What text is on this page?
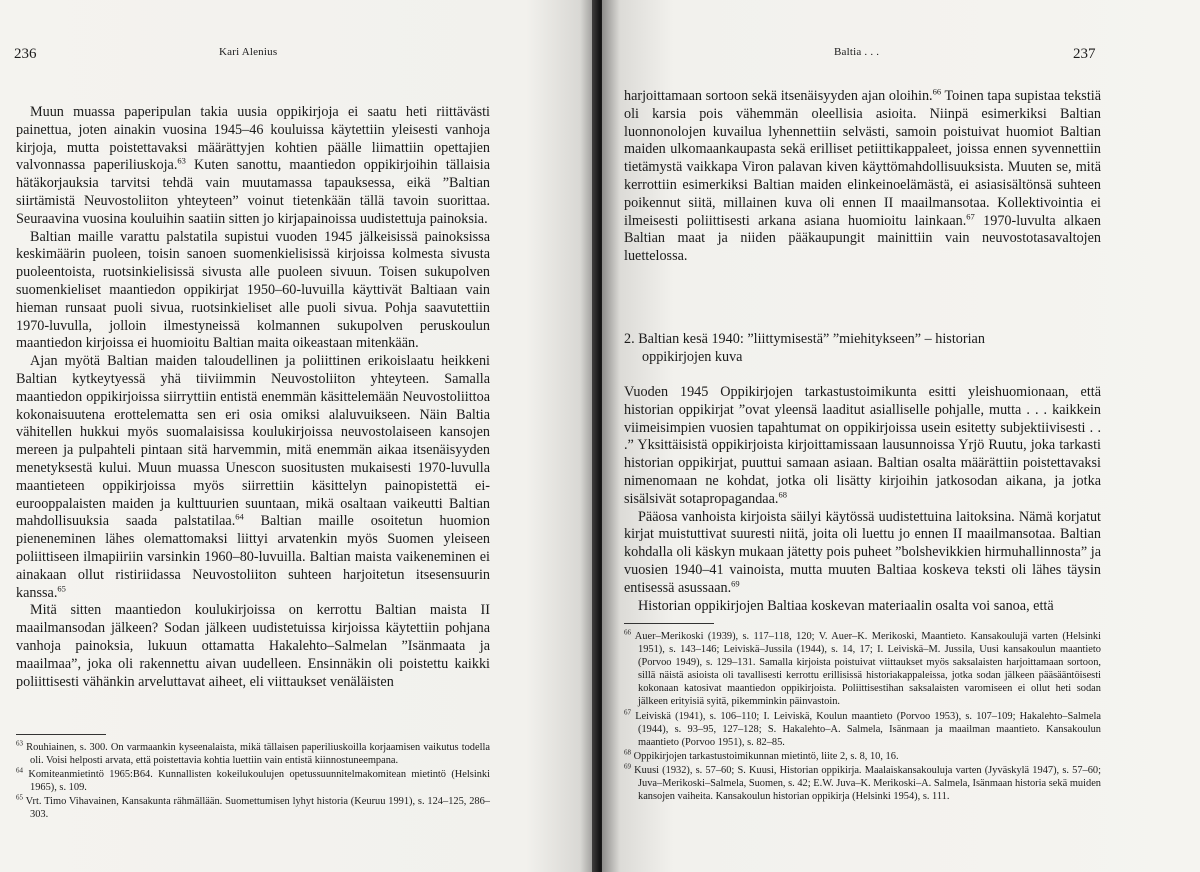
236	Kari Alenius

Muun muassa paperipulan takia uusia oppikirjoja ei saatu heti riittävästi painettua, joten ainakin vuosina 1945–46 kouluissa käytettiin yleisesti vanhoja kirjoja, mutta poistettavaksi määrättyjen kohtien päälle liimattiin opettajien valvonnassa paperiliuskoja.$^{63}$ Kuten sanottu, maantiedon oppikirjoihin tällaisia hätäkorjauksia tarvitsi tehdä vain muutamassa tapauksessa, eikä ”Baltian siirtämistä Neuvostoliiton yhteyteen” voinut tietenkään tällä tavoin suorittaa. Seuraavina vuosina kouluihin saatiin sitten jo kirjapainoissa uudistettuja painoksia.

Baltian maille varattu palstatila supistui vuoden 1945 jälkeisissä painoksissa keskimäärin puoleen, toisin sanoen suomenkielisissä kirjoissa kolmesta sivusta puoleentoista, ruotsinkielisissä sivusta alle puoleen sivuun. Toisen sukupolven suomenkieliset maantiedon oppikirjat 1950–60-luvuilla käyttivät Baltiaan vain hieman runsaat puoli sivua, ruotsinkieliset alle puoli sivua. Pohja saavutettiin 1970-luvulla, jolloin ilmestyneissä kolmannen sukupolven peruskoulun maantiedon kirjoissa ei huomioitu Baltian maita oikeastaan mitenkään.

Ajan myötä Baltian maiden taloudellinen ja poliittinen erikoislaatu heikkeni Baltian kytkeytyessä yhä tiiviimmin Neuvostoliiton yhteyteen. Samalla maantiedon oppikirjoissa siirryttiin entistä enemmän käsittelemään Neuvostoliittoa kokonaisuutena erottelematta sen eri osia omiksi alaluvuikseen. Näin Baltia vähitellen hukkui myös suomalaisissa koulukirjoissa neuvostolaiseen kansojen mereen ja pulpahteli pintaan sitä harvemmin, mitä enemmän aikaa itsenäisyyden menetyksestä kului. Muun muassa Unescon suositusten mukaisesti 1970-luvulla maantieteen oppikirjoissa myös siirrettiin käsittelyn painopistettä ei-eurooppalaisten maiden ja kulttuurien suuntaan, mikä osaltaan vaikeutti Baltian mahdollisuuksia saada palstatilaa.$^{64}$ Baltian maille osoitetun huomion pieneneminen lähes olemattomaksi liittyi arvatenkin myös Suomen yleiseen poliittiseen ilmapiiriin varsinkin 1960–80-luvuilla. Baltian maista vaikeneminen ei ainakaan ollut ristiriidassa Neuvostoliiton suhteen harjoitetun itsesensuurin kanssa.$^{65}$

Mitä sitten maantiedon koulukirjoissa on kerrottu Baltian maista II maailmansodan jälkeen? Sodan jälkeen uudistetuissa kirjoissa käytettiin pohjana vanhoja painoksia, lukuun ottamatta Hakalehto–Salmelan ”Isänmaata ja maailmaa”, joka oli rakennettu aivan uudelleen. Ensinnäkin oli poistettu kaikki poliittisesti vähänkin arveluttavat aiheet, eli viittaukset venäläisten

$^{63}$ Rouhiainen, s. 300. On varmaankin kyseenalaista, mikä tällaisen paperiliuskoilla korjaamisen vaikutus todella oli. Voisi helposti arvata, että poistettavia kohtia luettiin vain entistä kiinnostuneempana.

$^{64}$ Komiteanmietintö 1965:B64. Kunnallisten kokeilukoulujen opetussuunnitelmakomitean mietintö (Helsinki 1965), s. 109.

$^{65}$ Vrt. Timo Vihavainen, Kansakunta rähmällään. Suomettumisen lyhyt historia (Keuruu 1991), s. 124–125, 286– 303.

Baltia . . .	237

harjoittamaan sortoon sekä itsenäisyyden ajan oloihin.$^{66}$ Toinen tapa supistaa tekstiä oli karsia pois vähemmän oleellisia asioita. Niinpä esimerkiksi Baltian luonnonolojen kuvailua lyhennettiin selvästi, samoin poistuivat huomiot Baltian maiden ulkomaankaupasta sekä erilliset petiittikappaleet, joissa ennen syvennettiin tietämystä vaikkapa Viron palavan kiven käyttömahdollisuuksista. Muuten se, mitä kerrottiin esimerkiksi Baltian maiden elinkeinoelämästä, ei asiasisältönsä suhteen poikennut siitä, millainen kuva oli ennen II maailmansotaa. Kollektivointia ei ilmeisesti poliittisesti arkana asiana huomioitu lainkaan.$^{67}$ 1970-luvulta alkaen Baltian maat ja niiden pääkaupungit mainittiin vain neuvostotasavaltojen luettelossa.

2. Baltian kesä 1940: ”liittymisestä” ”miehitykseen” – historian
oppikirjojen kuva

Vuoden 1945 Oppikirjojen tarkastustoimikunta esitti yleishuomionaan, että historian oppikirjat ”ovat yleensä laaditut asialliselle pohjalle, mutta . . . kaikkein viimeisimpien vuosien tapahtumat on oppikirjoissa usein esitetty subjektiivisesti . . .” Yksittäisistä oppikirjoista kirjoittamissaan lausunnoissa Yrjö Ruutu, joka tarkasti historian oppikirjat, puuttui samaan asiaan. Baltian osalta määrättiin poistettavaksi nimenomaan ne kohdat, jotka oli lisätty kirjoihin jatkosodan aikana, ja jotka sisälsivät sotapropagandaa.$^{68}$

Pääosa vanhoista kirjoista säilyi käytössä uudistettuina laitoksina. Nämä korjatut kirjat muistuttivat suuresti niitä, joita oli luettu jo ennen II maailmansotaa. Baltian kohdalla oli käskyn mukaan jätetty pois puheet ”bolshevikkien hirmuhallinnosta” ja vuosien 1940–41 vainoista, mutta muuten Baltiaa koskeva teksti oli lähes täysin entisessä asussaan.$^{69}$

Historian oppikirjojen Baltiaa koskevan materiaalin osalta voi sanoa, että

$^{66}$ Auer–Merikoski (1939), s. 117–118, 120; V. Auer–K. Merikoski, Maantieto. Kansakoulujä varten (Helsinki 1951), s. 143–146; Leiviskä–Jussila (1944), s. 14, 17; I. Leiviskä–M. Jussila, Uusi kansakoulun maantieto (Porvoo 1949), s. 129–131. Samalla kirjoista poistuivat viittaukset myös saksalaisten harjoittamaan sortoon, sillä näistä asioista oli tavallisesti kerrottu erillisissä historiakappaleissa, jotka sodan jälkeen pääsääntöisesti kokonaan katosivat maantiedon oppikirjoista. Poliittisestihan saksalaisten varomiseen ei ollut heti sodan jälkeen erityisiä syitä, pikemminkin päinvastoin.

$^{67}$ Leiviskä (1941), s. 106–110; I. Leiviskä, Koulun maantieto (Porvoo 1953), s. 107–109; Hakalehto–Salmela (1944), s. 93–95, 127–128; S. Hakalehto–A. Salmela, Isänmaan ja maailman maantieto. Kansakoulun maantieto (Porvoo 1951), s. 82–85.

$^{68}$ Oppikirjojen tarkastustoimikunnan mietintö, liite 2, s. 8, 10, 16.

$^{69}$ Kuusi (1932), s. 57–60; S. Kuusi, Historian oppikirja. Maalaiskansakouluja varten (Jyväskylä 1947), s. 57–60; Juva–Merikoski–Salmela, Suomen, s. 42; E.W. Juva–K. Merikoski–A. Salmela, Isänmaan historia sekä muiden kansojen vaiheita. Kansakoulun historian oppikirja (Helsinki 1954), s. 111.
